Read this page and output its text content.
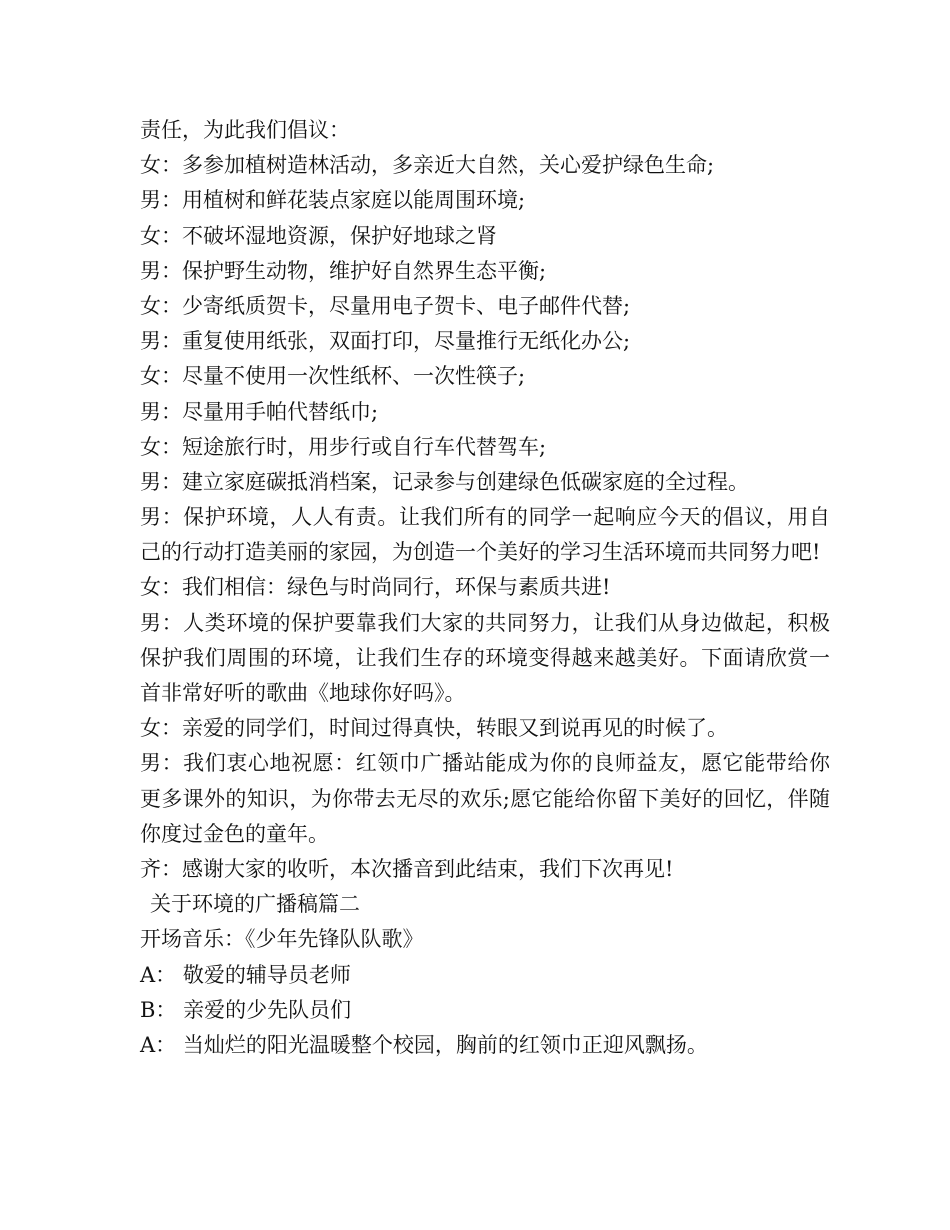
责任，为此我们倡议：
女：多参加植树造林活动，多亲近大自然，关心爱护绿色生命;
男：用植树和鲜花装点家庭以能周围环境;
女：不破坏湿地资源，保护好地球之肾
男：保护野生动物，维护好自然界生态平衡;
女：少寄纸质贺卡，尽量用电子贺卡、电子邮件代替;
男：重复使用纸张，双面打印，尽量推行无纸化办公;
女：尽量不使用一次性纸杯、一次性筷子;
男：尽量用手帕代替纸巾;
女：短途旅行时，用步行或自行车代替驾车;
男：建立家庭碳抵消档案，记录参与创建绿色低碳家庭的全过程。
男：保护环境，人人有责。让我们所有的同学一起响应今天的倡议，用自己的行动打造美丽的家园，为创造一个美好的学习生活环境而共同努力吧!
女：我们相信：绿色与时尚同行，环保与素质共进!
男：人类环境的保护要靠我们大家的共同努力，让我们从身边做起，积极保护我们周围的环境，让我们生存的环境变得越来越美好。下面请欣赏一首非常好听的歌曲《地球你好吗》。
女：亲爱的同学们，时间过得真快，转眼又到说再见的时候了。
男：我们衷心地祝愿：红领巾广播站能成为你的良师益友，愿它能带给你更多课外的知识，为你带去无尽的欢乐;愿它能给你留下美好的回忆，伴随你度过金色的童年。
齐：感谢大家的收听，本次播音到此结束，我们下次再见!
关于环境的广播稿篇二
开场音乐：《少年先锋队队歌》
A： 敬爱的辅导员老师
B： 亲爱的少先队员们
A： 当灿烂的阳光温暖整个校园，胸前的红领巾正迎风飘扬。
